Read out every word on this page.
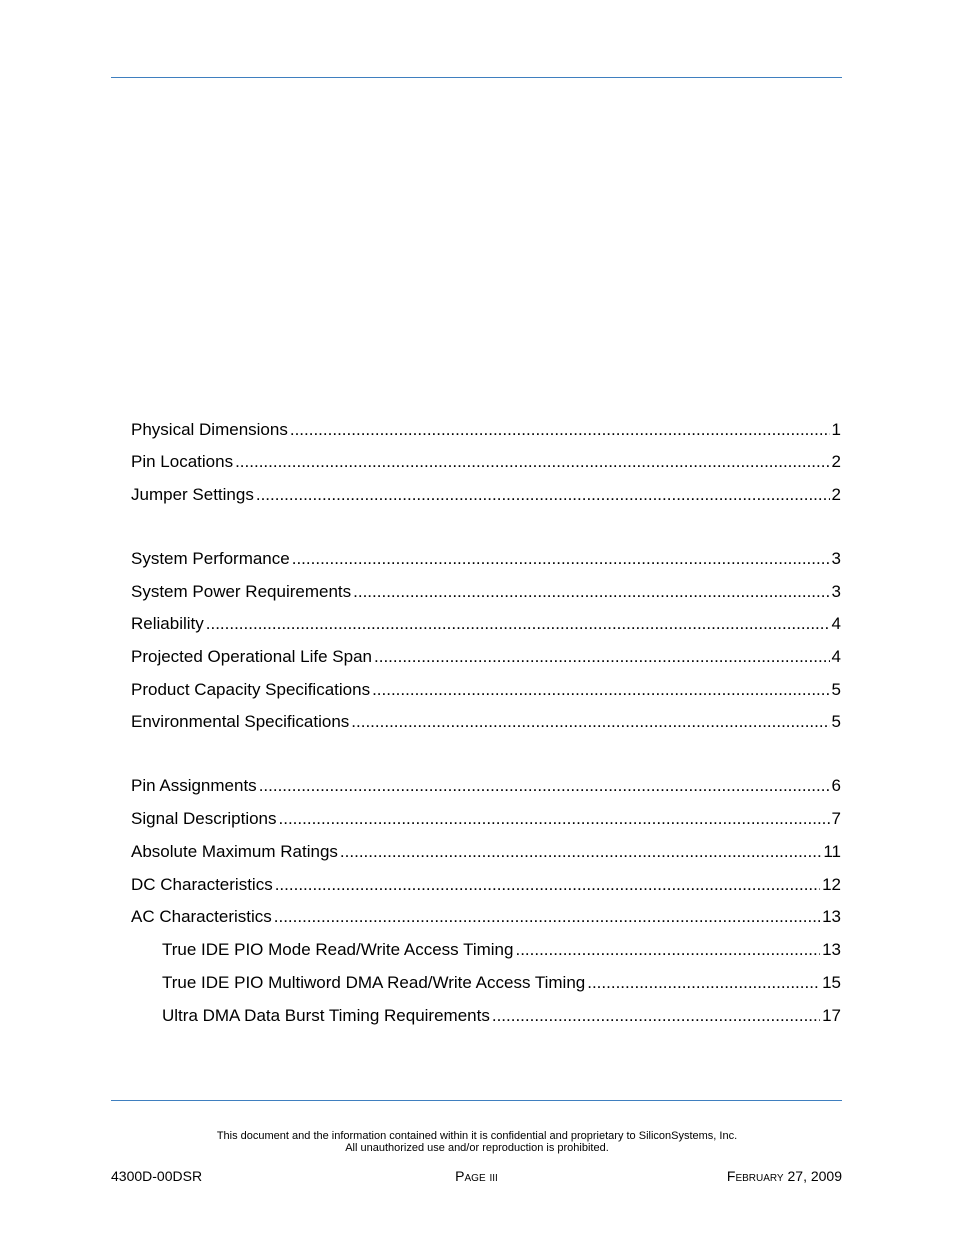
Physical Dimensions .....	1
Pin Locations .....	2
Jumper Settings .....	2
System Performance .....	3
System Power Requirements .....	3
Reliability .....	4
Projected Operational Life Span .....	4
Product Capacity Specifications .....	5
Environmental Specifications .....	5
Pin Assignments .....	6
Signal Descriptions .....	7
Absolute Maximum Ratings .....	11
DC Characteristics .....	12
AC Characteristics .....	13
True IDE PIO Mode Read/Write Access Timing .....	13
True IDE PIO Multiword DMA Read/Write Access Timing .....	15
Ultra DMA Data Burst Timing Requirements .....	17
This document and the information contained within it is confidential and proprietary to SiliconSystems, Inc.
All unauthorized use and/or reproduction is prohibited.
4300D-00DSR	Page iii	February 27, 2009
